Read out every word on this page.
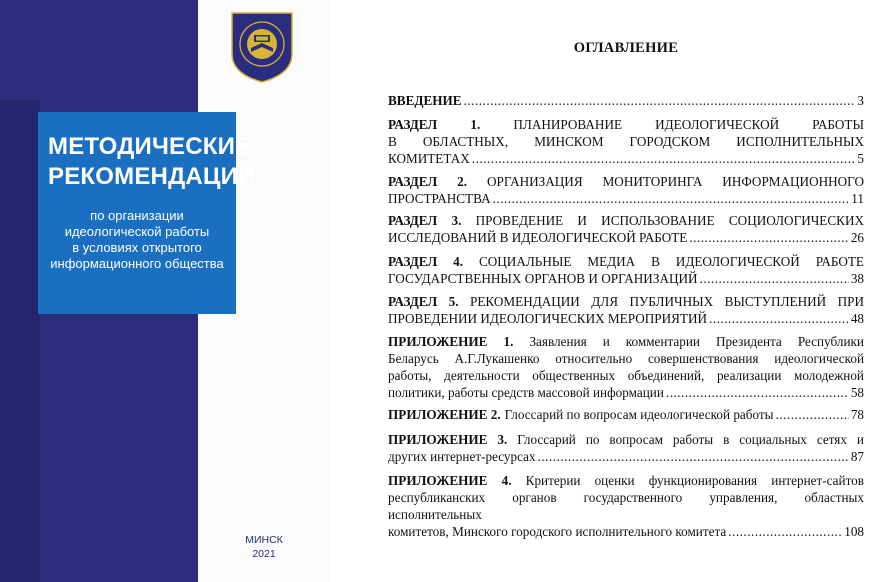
МЕТОДИЧЕСКИЕ
РЕКОМЕНДАЦИИ
по организации
идеологической работы
в условиях открытого
информационного общества
МИНСК
2021
ОГЛАВЛЕНИЕ
ВВЕДЕНИЕ .....	3
РАЗДЕЛ 1. ПЛАНИРОВАНИЕ ИДЕОЛОГИЧЕСКОЙ РАБОТЫ
В ОБЛАСТНЫХ, МИНСКОМ ГОРОДСКОМ ИСПОЛНИТЕЛЬНЫХ
КОМИТЕТАХ .....	5
РАЗДЕЛ 2. ОРГАНИЗАЦИЯ МОНИТОРИНГА ИНФОРМАЦИОННОГО
ПРОСТРАНСТВА .....	11
РАЗДЕЛ 3. ПРОВЕДЕНИЕ И ИСПОЛЬЗОВАНИЕ СОЦИОЛОГИЧЕСКИХ
ИССЛЕДОВАНИЙ В ИДЕОЛОГИЧЕСКОЙ РАБОТЕ .....	26
РАЗДЕЛ 4. СОЦИАЛЬНЫЕ МЕДИА В ИДЕОЛОГИЧЕСКОЙ РАБОТЕ
ГОСУДАРСТВЕННЫХ ОРГАНОВ И ОРГАНИЗАЦИЙ .....	38
РАЗДЕЛ 5. РЕКОМЕНДАЦИИ ДЛЯ ПУБЛИЧНЫХ ВЫСТУПЛЕНИЙ ПРИ
ПРОВЕДЕНИИ ИДЕОЛОГИЧЕСКИХ МЕРОПРИЯТИЙ .....	48
ПРИЛОЖЕНИЕ 1. Заявления и комментарии Президента Республики
Беларусь А.Г.Лукашенко относительно совершенствования идеологической
работы, деятельности общественных объединений, реализации молодежной
политики, работы средств массовой информации .....	58
ПРИЛОЖЕНИЕ 2. Глоссарий по вопросам идеологической работы .....	78
ПРИЛОЖЕНИЕ 3. Глоссарий по вопросам работы в социальных сетях и
других интернет-ресурсах .....	87
ПРИЛОЖЕНИЕ 4. Критерии оценки функционирования интернет-сайтов
республиканских органов государственного управления, областных исполнительных
комитетов, Минского городского исполнительного комитета .....	108
